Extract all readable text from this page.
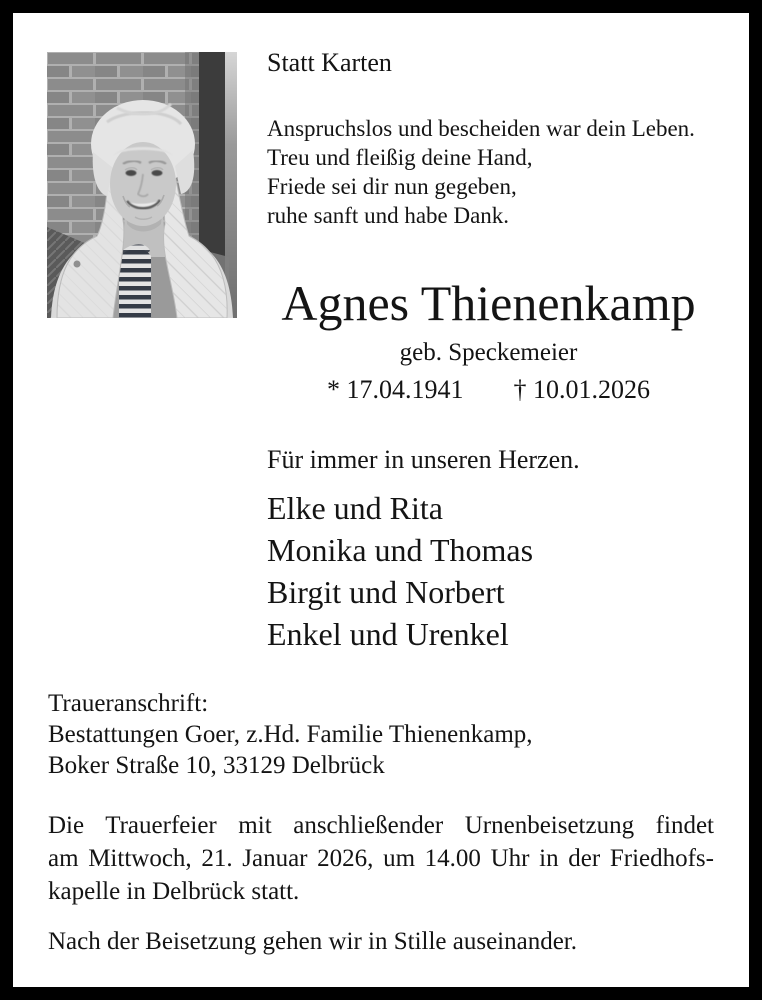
Statt Karten
Anspruchslos und bescheiden war dein Leben.
Treu und fleißig deine Hand,
Friede sei dir nun gegeben,
ruhe sanft und habe Dank.
Agnes Thienenkamp
geb. Speckemeier
* 17.04.1941 † 10.01.2026
Für immer in unseren Herzen.
Elke und Rita
Monika und Thomas
Birgit und Norbert
Enkel und Urenkel
Traueranschrift:
Bestattungen Goer, z.Hd. Familie Thienenkamp,
Boker Straße 10, 33129 Delbrück
Die Trauerfeier mit anschließender Urnenbeisetzung findet
am Mittwoch, 21. Januar 2026, um 14.00 Uhr in der Friedhofs-
kapelle in Delbrück statt.
Nach der Beisetzung gehen wir in Stille auseinander.
